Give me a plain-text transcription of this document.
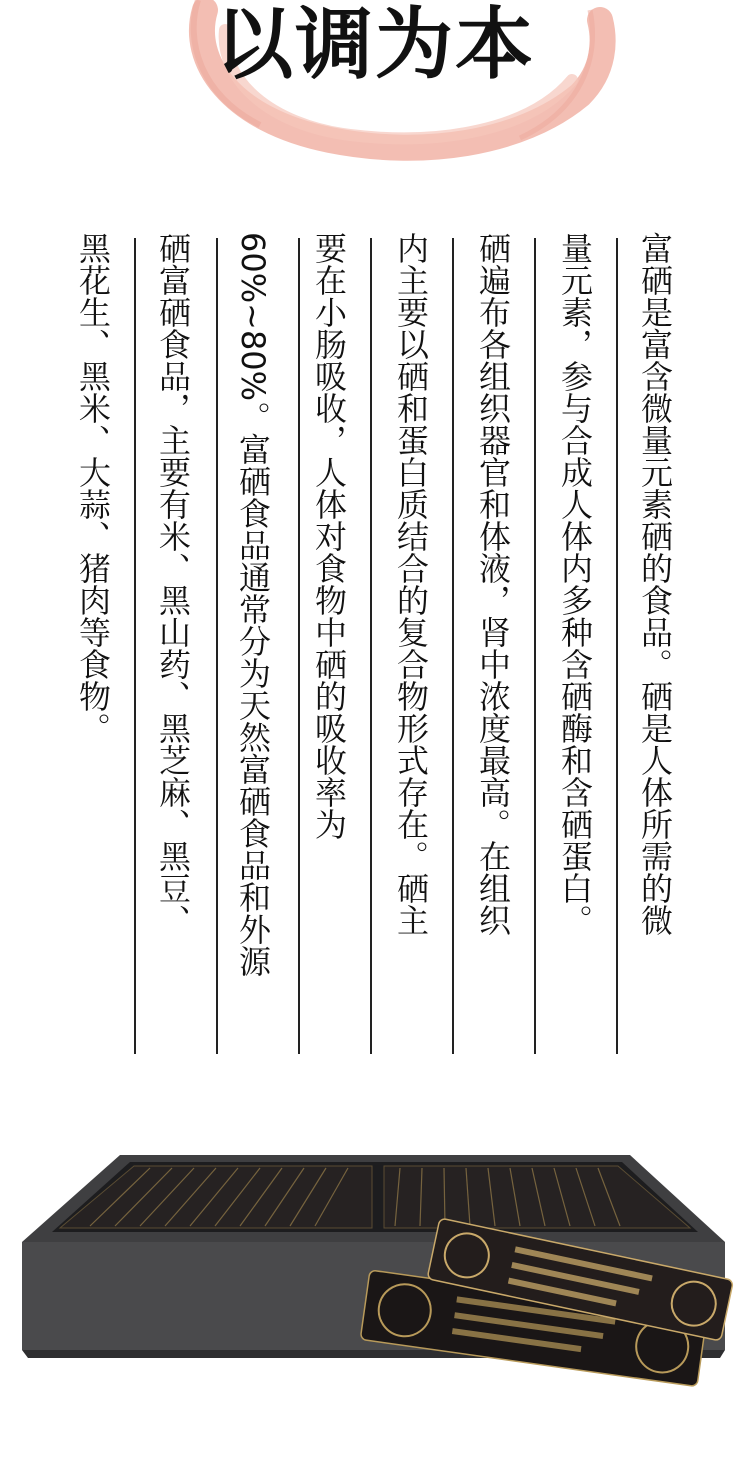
以调为本
富硒是富含微量元素硒的食品。硒是人体所需的微
量元素，参与合成人体内多种含硒酶和含硒蛋白。
硒遍布各组织器官和体液，肾中浓度最高。在组织
内主要以硒和蛋白质结合的复合物形式存在。硒主
要在小肠吸收，人体对食物中硒的吸收率为
60%~80%。富硒食品通常分为天然富硒食品和外源
硒富硒食品，主要有米、黑山药、黑芝麻、黑豆、
黑花生、黑米、大蒜、猪肉等食物。
